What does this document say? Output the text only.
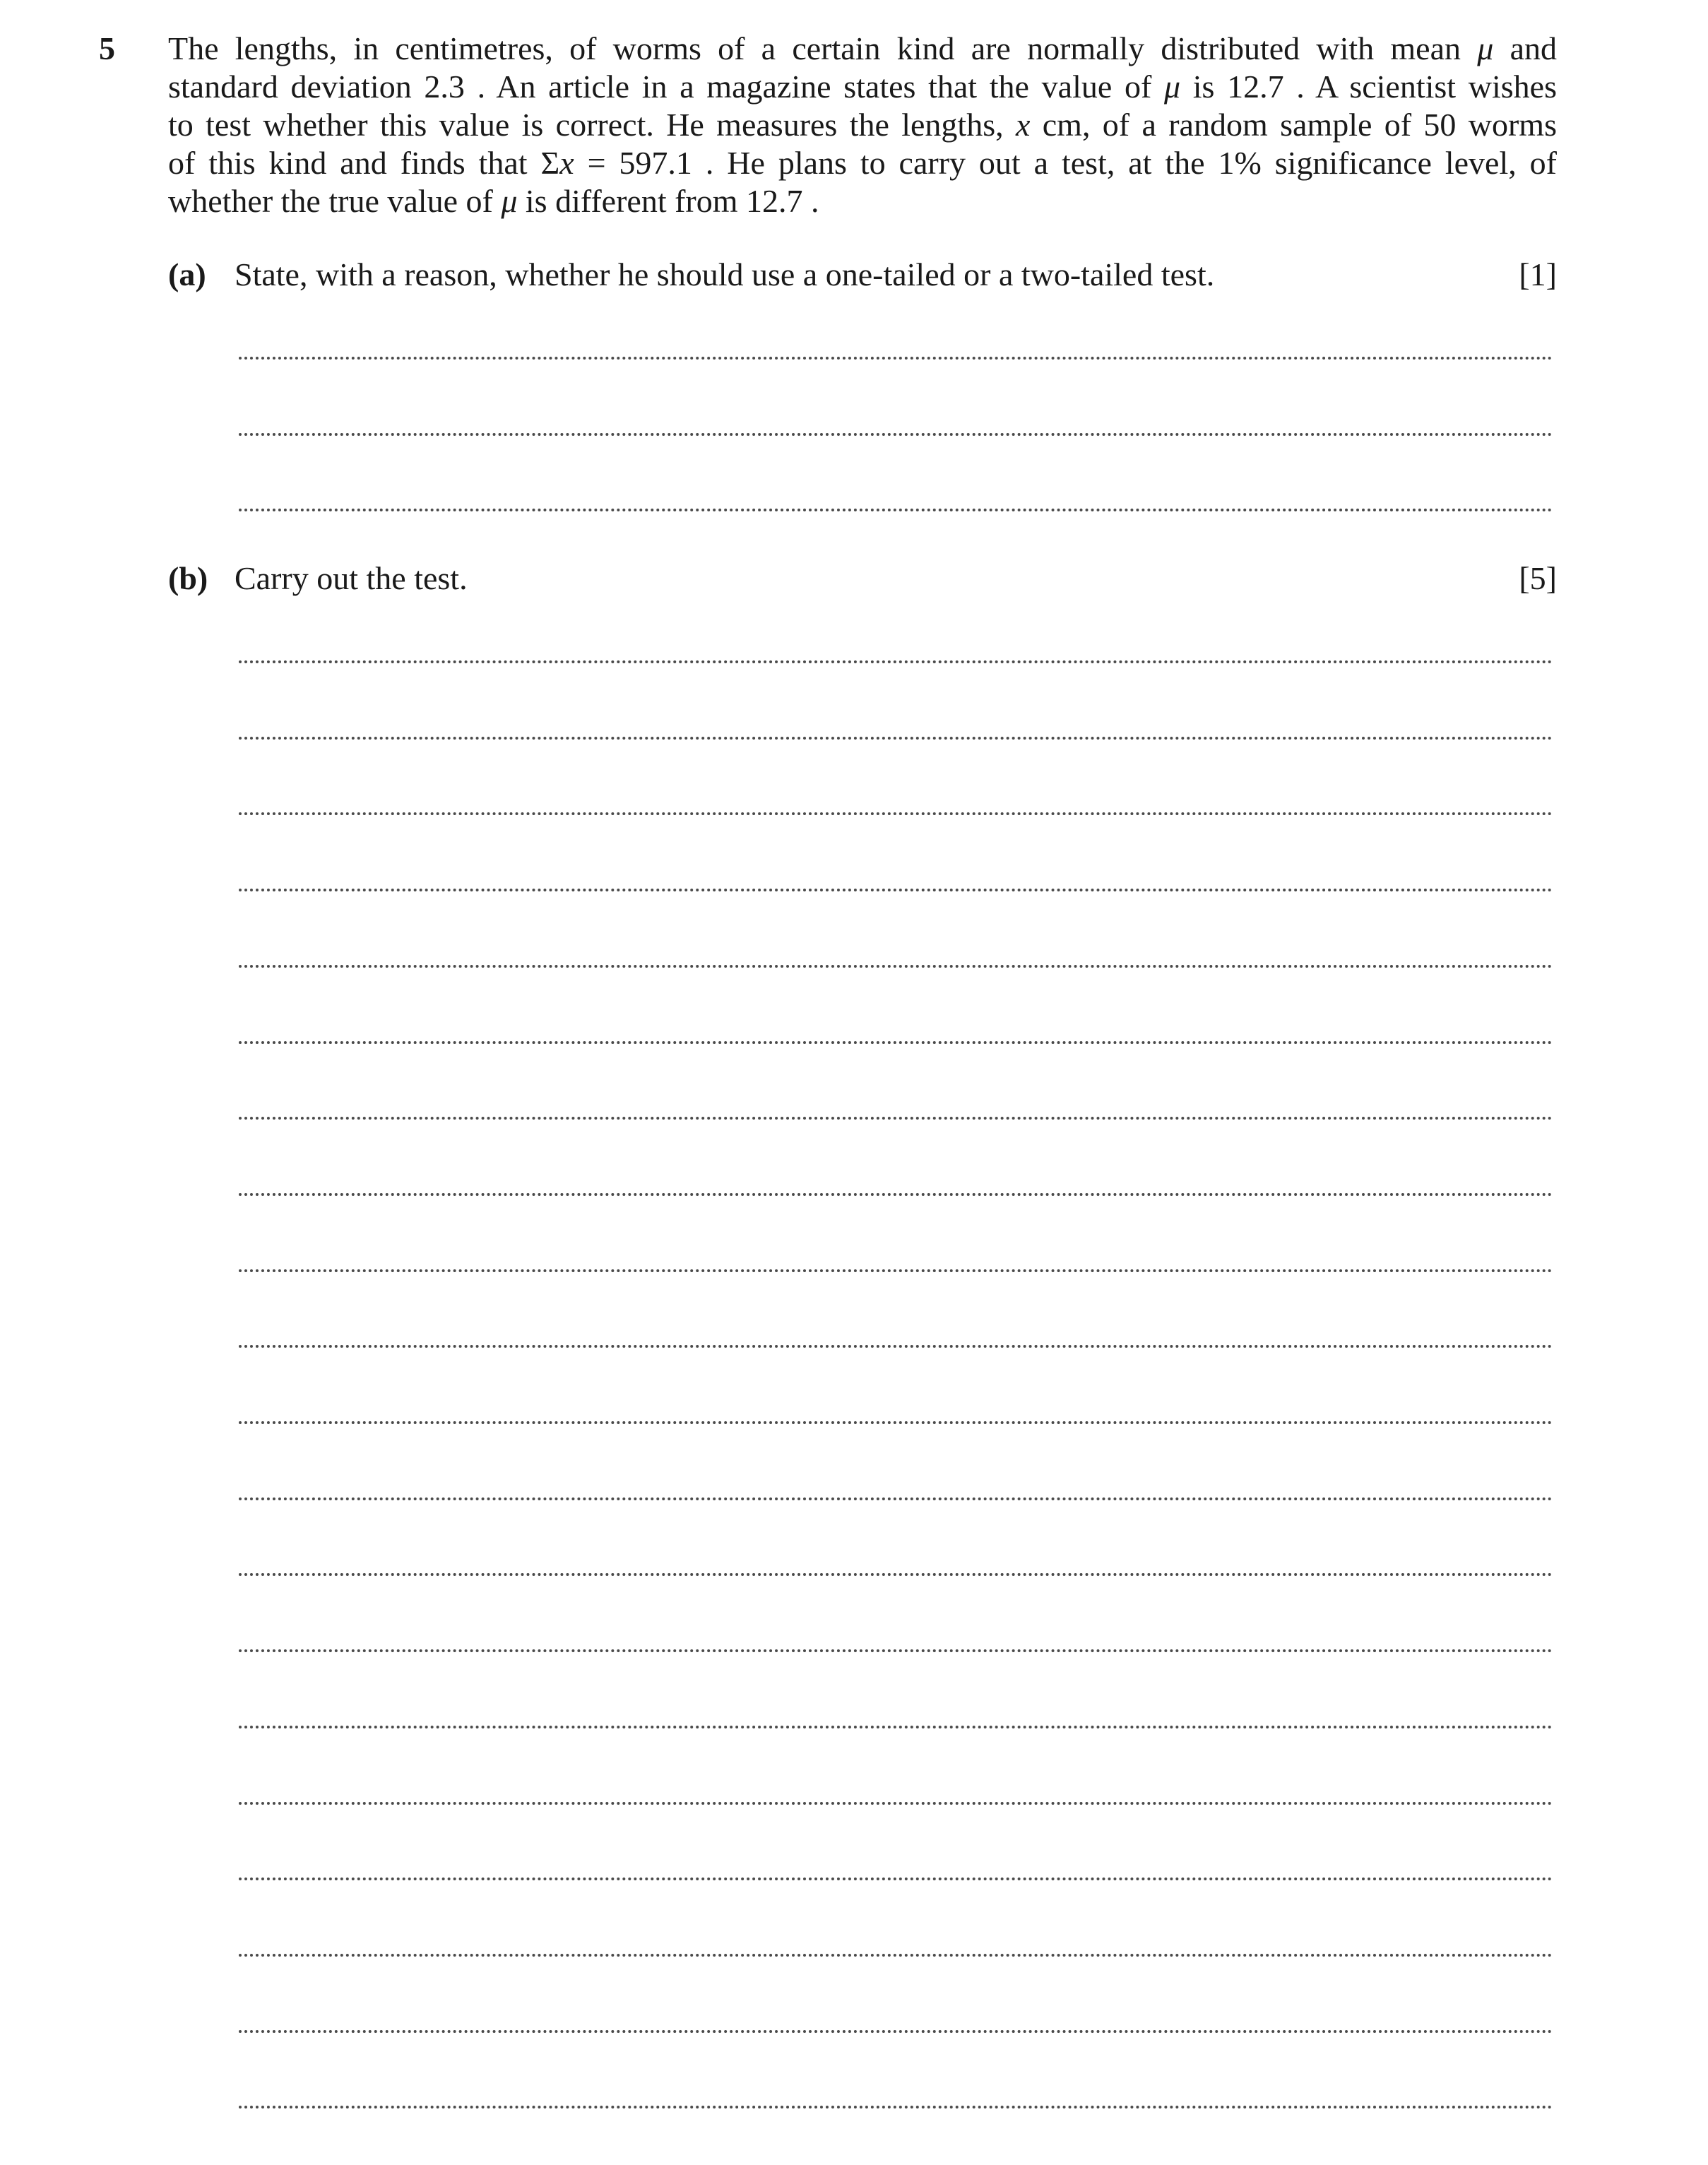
5 The lengths, in centimetres, of worms of a certain kind are normally distributed with mean μ and
standard deviation 2.3 . An article in a magazine states that the value of μ is 12.7 . A scientist wishes
to test whether this value is correct. He measures the lengths, x cm, of a random sample of 50 worms
of this kind and finds that Σx = 597.1 . He plans to carry out a test, at the 1% significance level, of
whether the true value of μ is different from 12.7 .
(a) State, with a reason, whether he should use a one-tailed or a two-tailed test.	[1]
(b) Carry out the test.	[5]
